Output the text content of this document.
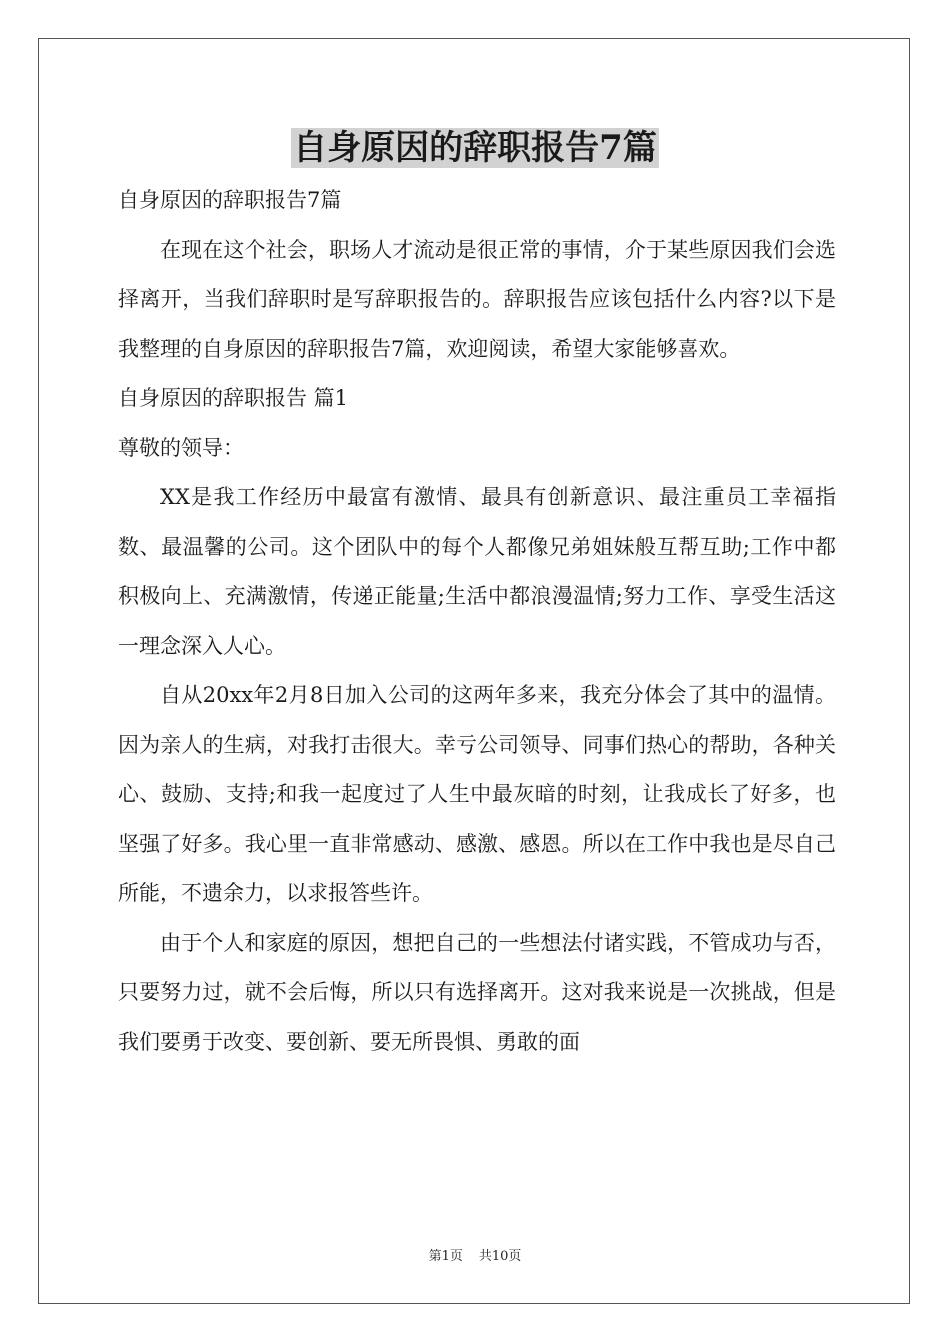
自身原因的辞职报告7篇

自身原因的辞职报告7篇

在现在这个社会，职场人才流动是很正常的事情，介于某些原因我们会选择离开，当我们辞职时是写辞职报告的。辞职报告应该包括什么内容?以下是我整理的自身原因的辞职报告7篇，欢迎阅读，希望大家能够喜欢。

自身原因的辞职报告 篇1

尊敬的领导：

XX是我工作经历中最富有激情、最具有创新意识、最注重员工幸福指数、最温馨的公司。这个团队中的每个人都像兄弟姐妹般互帮互助;工作中都积极向上、充满激情，传递正能量;生活中都浪漫温情;努力工作、享受生活这一理念深入人心。

自从20xx年2月8日加入公司的这两年多来，我充分体会了其中的温情。因为亲人的生病，对我打击很大。幸亏公司领导、同事们热心的帮助，各种关心、鼓励、支持;和我一起度过了人生中最灰暗的时刻，让我成长了好多，也坚强了好多。我心里一直非常感动、感激、感恩。所以在工作中我也是尽自己所能，不遗余力，以求报答些许。

由于个人和家庭的原因，想把自己的一些想法付诸实践，不管成功与否，只要努力过，就不会后悔，所以只有选择离开。这对我来说是一次挑战，但是我们要勇于改变、要创新、要无所畏惧、勇敢的面

第1页 共10页
